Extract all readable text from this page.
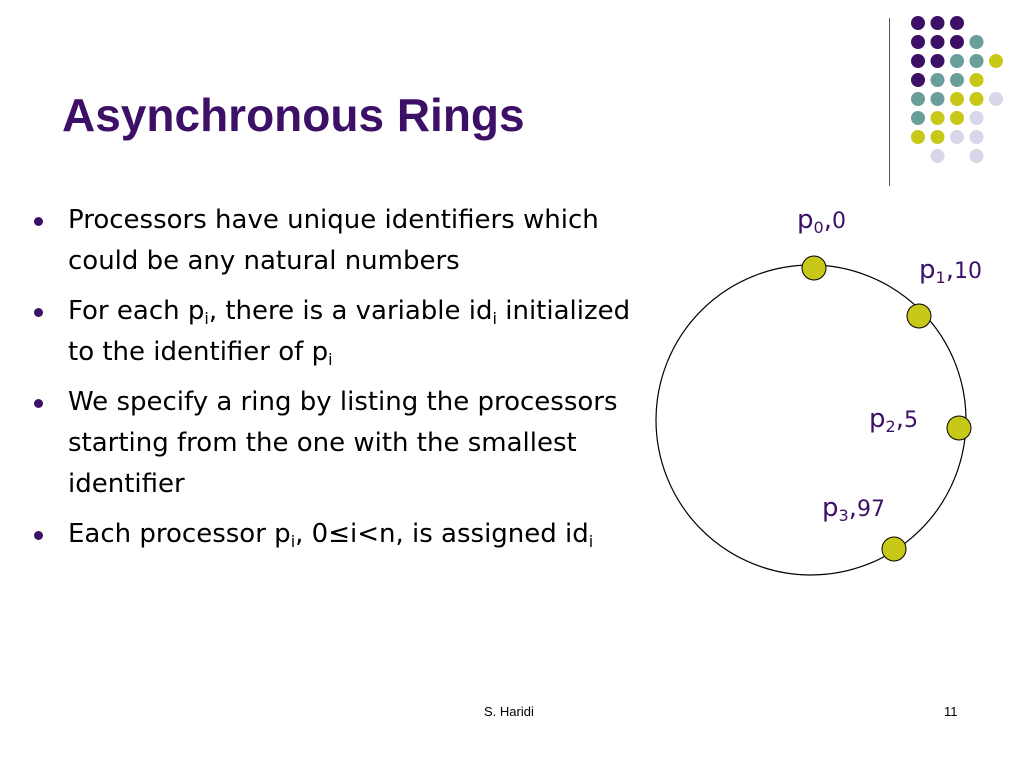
Asynchronous Rings
Processors have unique identifiers which could be any natural numbers
For each $p_i$, there is a variable $id_i$ initialized to the identifier of $p_i$
We specify a ring by listing the processors starting from the one with the smallest identifier
Each processor $p_i$, 0≤i<n, is assigned $id_i$
$p_0,0$
$p_1,10$
$p_2,5$
$p_3,97$
S. Haridi	11
